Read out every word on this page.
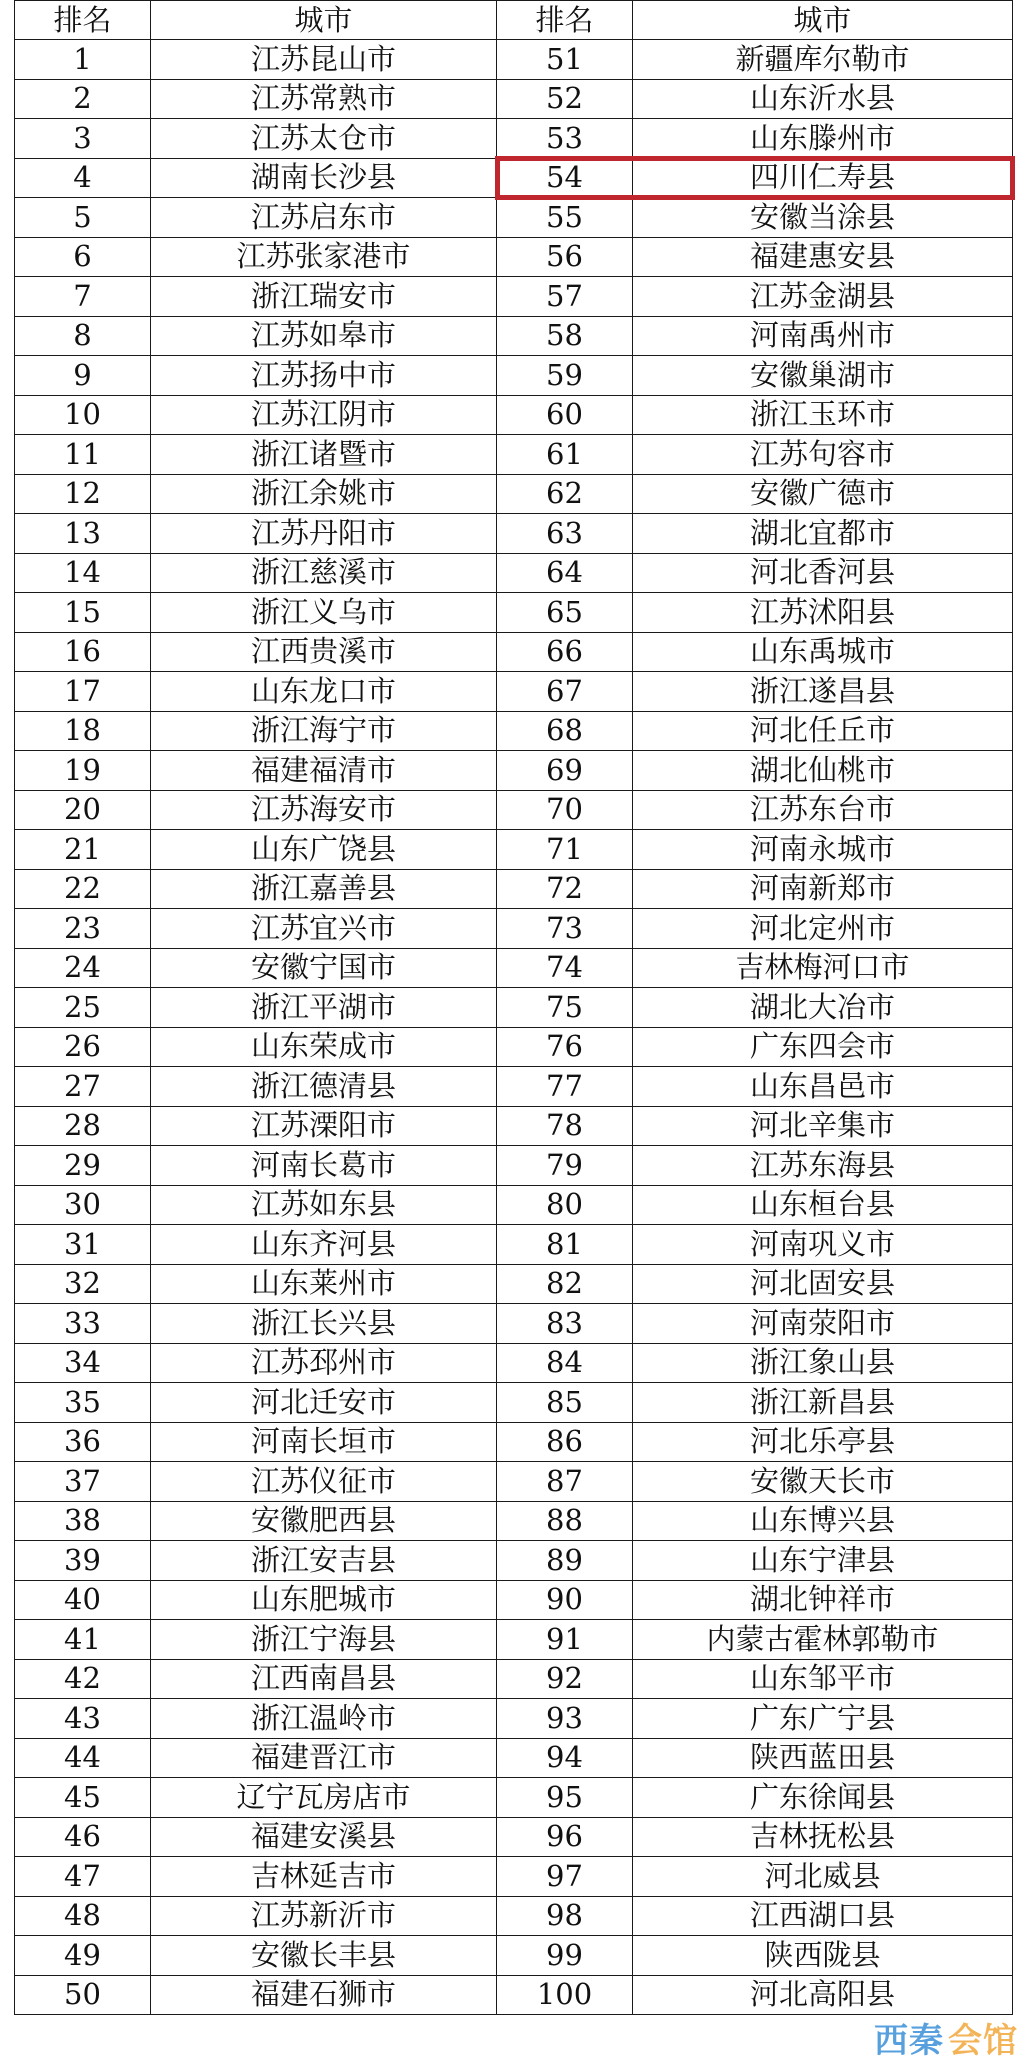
排名	城市	排名	城市
1	江苏昆山市	51	新疆库尔勒市
2	江苏常熟市	52	山东沂水县
3	江苏太仓市	53	山东滕州市
4	湖南长沙县	54	四川仁寿县
5	江苏启东市	55	安徽当涂县
6	江苏张家港市	56	福建惠安县
7	浙江瑞安市	57	江苏金湖县
8	江苏如皋市	58	河南禹州市
9	江苏扬中市	59	安徽巢湖市
10	江苏江阴市	60	浙江玉环市
11	浙江诸暨市	61	江苏句容市
12	浙江余姚市	62	安徽广德市
13	江苏丹阳市	63	湖北宜都市
14	浙江慈溪市	64	河北香河县
15	浙江义乌市	65	江苏沭阳县
16	江西贵溪市	66	山东禹城市
17	山东龙口市	67	浙江遂昌县
18	浙江海宁市	68	河北任丘市
19	福建福清市	69	湖北仙桃市
20	江苏海安市	70	江苏东台市
21	山东广饶县	71	河南永城市
22	浙江嘉善县	72	河南新郑市
23	江苏宜兴市	73	河北定州市
24	安徽宁国市	74	吉林梅河口市
25	浙江平湖市	75	湖北大冶市
26	山东荣成市	76	广东四会市
27	浙江德清县	77	山东昌邑市
28	江苏溧阳市	78	河北辛集市
29	河南长葛市	79	江苏东海县
30	江苏如东县	80	山东桓台县
31	山东齐河县	81	河南巩义市
32	山东莱州市	82	河北固安县
33	浙江长兴县	83	河南荥阳市
34	江苏邳州市	84	浙江象山县
35	河北迁安市	85	浙江新昌县
36	河南长垣市	86	河北乐亭县
37	江苏仪征市	87	安徽天长市
38	安徽肥西县	88	山东博兴县
39	浙江安吉县	89	山东宁津县
40	山东肥城市	90	湖北钟祥市
41	浙江宁海县	91	内蒙古霍林郭勒市
42	江西南昌县	92	山东邹平市
43	浙江温岭市	93	广东广宁县
44	福建晋江市	94	陕西蓝田县
45	辽宁瓦房店市	95	广东徐闻县
46	福建安溪县	96	吉林抚松县
47	吉林延吉市	97	河北威县
48	江苏新沂市	98	江西湖口县
49	安徽长丰县	99	陕西陇县
50	福建石狮市	100	河北高阳县
西秦 会馆
